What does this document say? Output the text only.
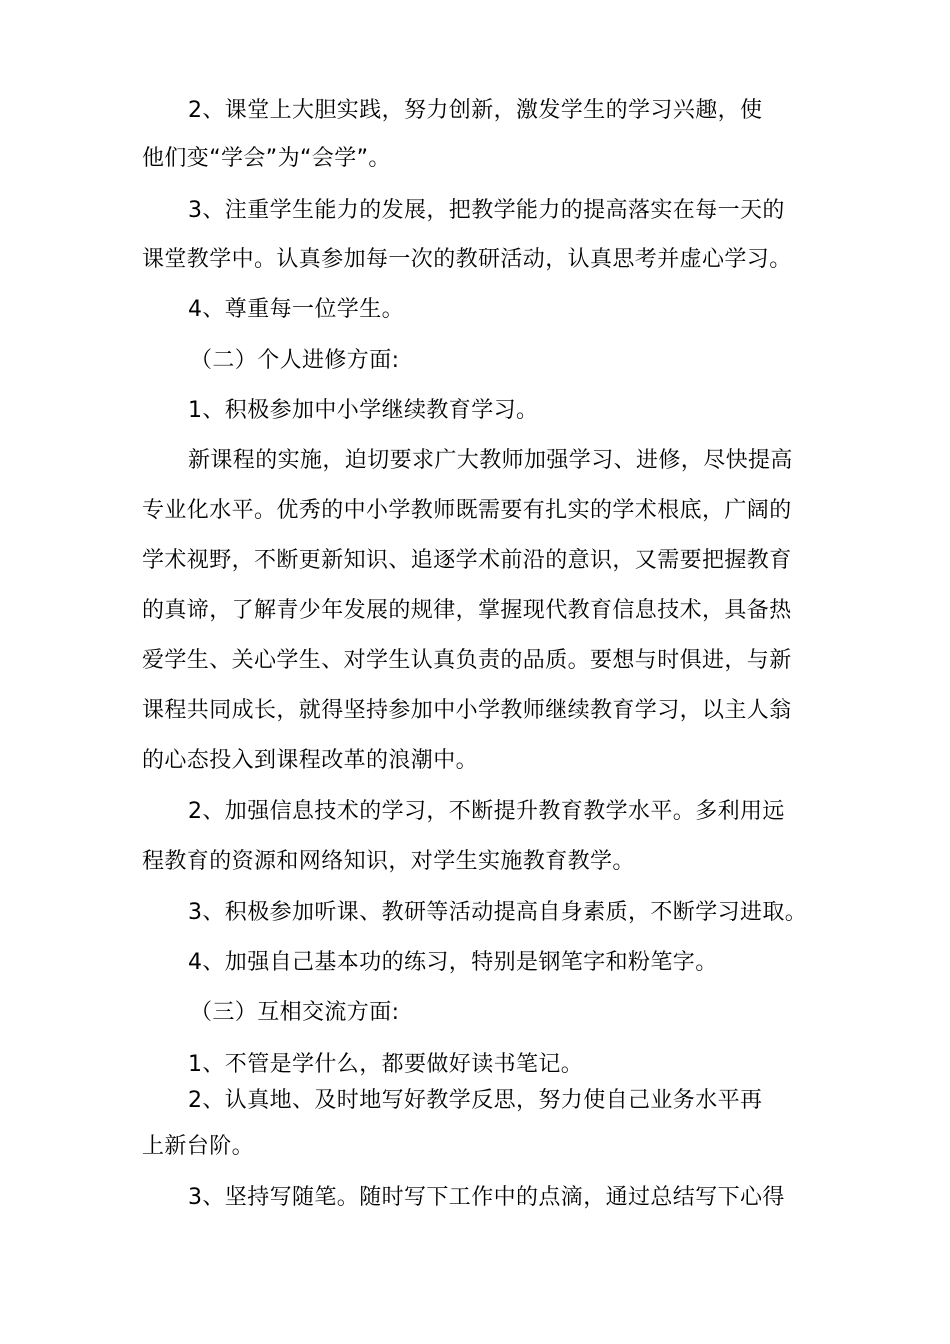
2、课堂上大胆实践，努力创新，激发学生的学习兴趣，使

他们变“学会”为“会学”。

3、注重学生能力的发展，把教学能力的提高落实在每一天的

课堂教学中。认真参加每一次的教研活动，认真思考并虚心学习。

4、尊重每一位学生。

（二）个人进修方面:

1、积极参加中小学继续教育学习。

新课程的实施，迫切要求广大教师加强学习、进修，尽快提高

专业化水平。优秀的中小学教师既需要有扎实的学术根底，广阔的

学术视野，不断更新知识、追逐学术前沿的意识，又需要把握教育

的真谛，了解青少年发展的规律，掌握现代教育信息技术，具备热

爱学生、关心学生、对学生认真负责的品质。要想与时俱进，与新

课程共同成长，就得坚持参加中小学教师继续教育学习，以主人翁

的心态投入到课程改革的浪潮中。

2、加强信息技术的学习，不断提升教育教学水平。多利用远

程教育的资源和网络知识，对学生实施教育教学。

3、积极参加听课、教研等活动提高自身素质，不断学习进取。

4、加强自己基本功的练习，特别是钢笔字和粉笔字。

（三）互相交流方面:

1、不管是学什么，都要做好读书笔记。

2、认真地、及时地写好教学反思，努力使自己业务水平再

上新台阶。

3、坚持写随笔。随时写下工作中的点滴，通过总结写下心得
